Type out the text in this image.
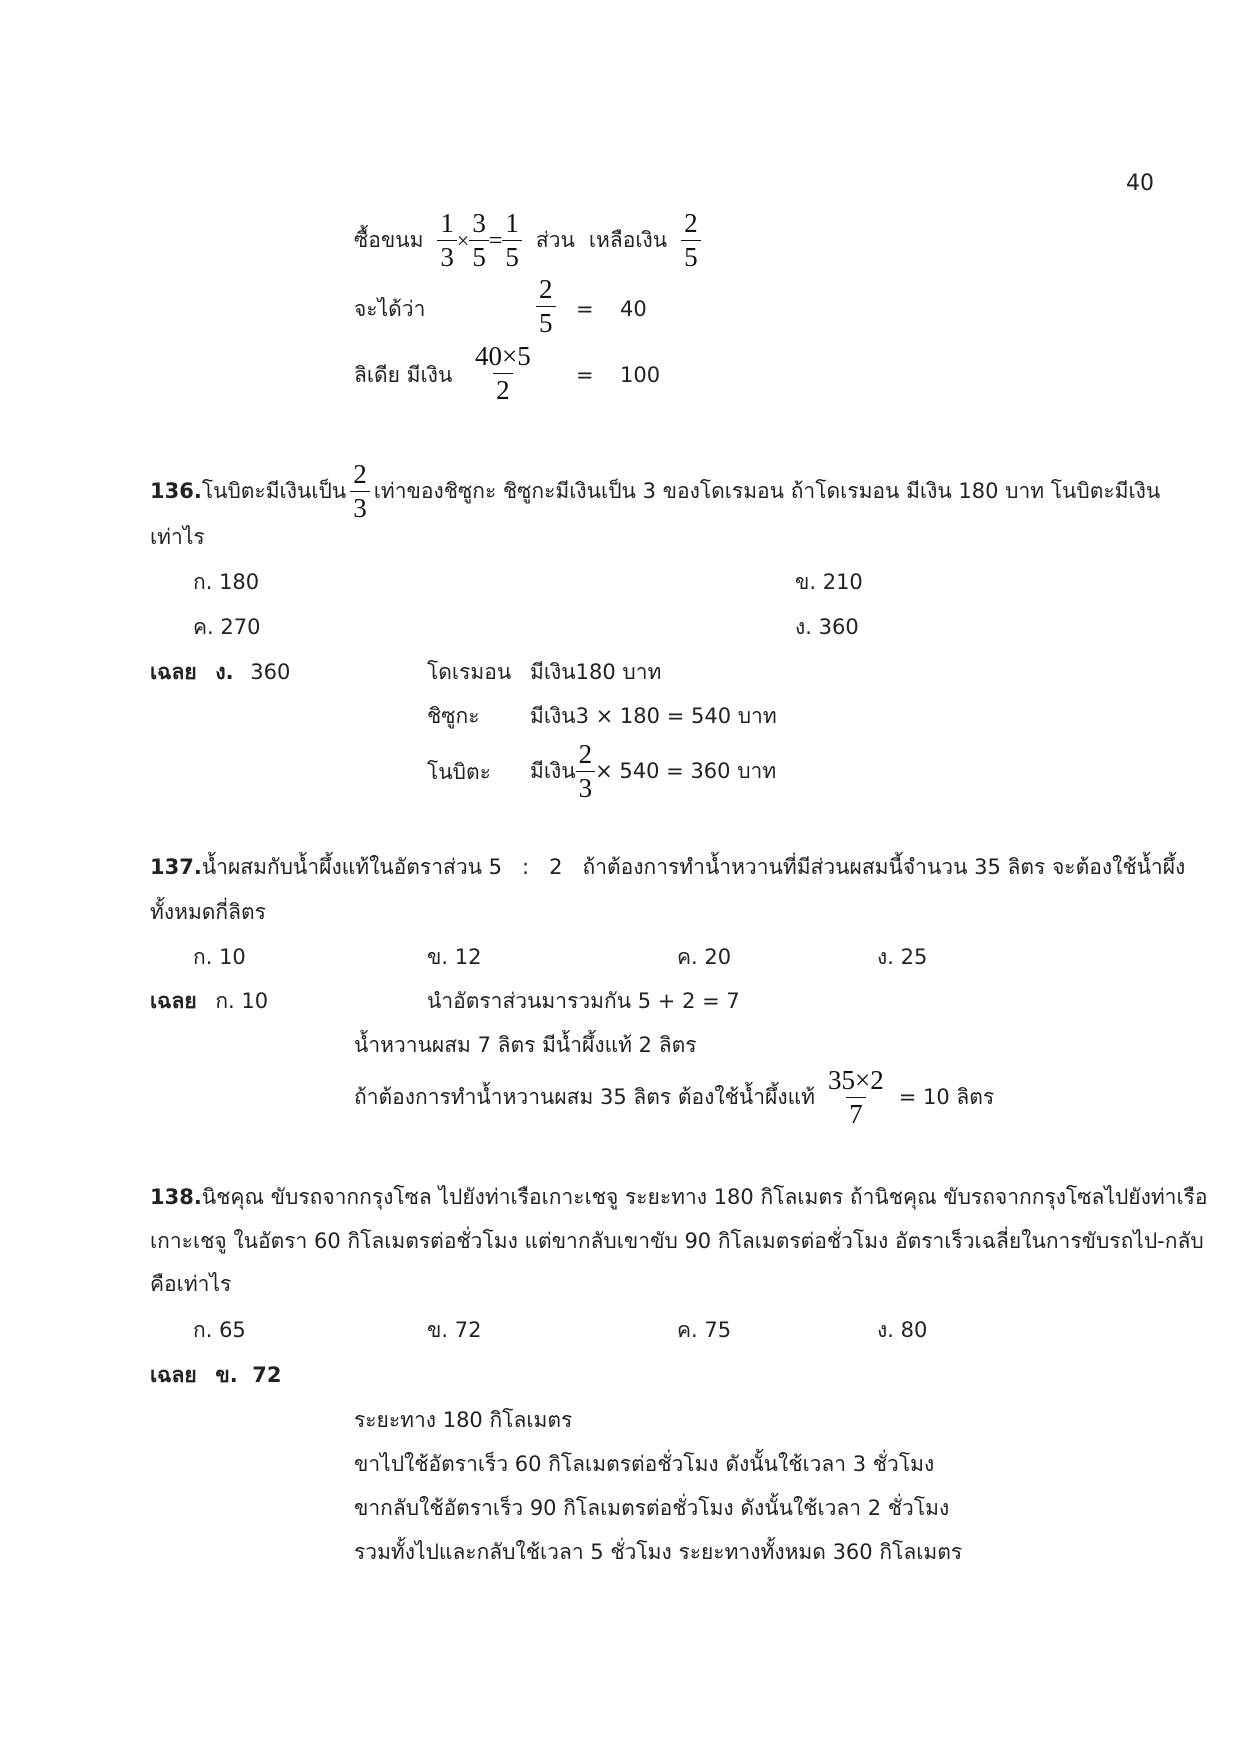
40
ซื้อขนม $\frac{1}{3} \times \frac{3}{5} = \frac{1}{5}$ ส่วน เหลือเงิน $\frac{2}{5}$
จะได้ว่า	$\frac{2}{5} = 40$
ลิเดีย มีเงิน $\frac{40\times 5}{2} = 100$
136. โนบิตะมีเงินเป็น $\frac{2}{3}$ เท่าของชิซูกะ ชิซูกะมีเงินเป็น 3 ของโดเรมอน ถ้าโดเรมอน มีเงิน 180 บาท โนบิตะมีเงิน
เท่าไร
ก. 180	ข. 210
ค. 270	ง. 360
เฉลย ง. 360	โดเรมอน มีเงิน180 บาท
ชิซูกะ มีเงิน3 × 180 = 540 บาท
โนบิตะ มีเงิน $\frac{2}{3} \times 540 = 360$ บาท
137.น้ำผสมกับน้ำผึ้งแท้ในอัตราส่วน 5   :   2   ถ้าต้องการทำน้ำหวานที่มีส่วนผสมนี้จำนวน 35 ลิตร จะต้องใช้น้ำผึ้ง
ทั้งหมดกี่ลิตร
ก. 10	ข. 12	ค. 20	ง. 25
เฉลย ก. 10	นำอัตราส่วนมารวมกัน 5 + 2 = 7
น้ำหวานผสม 7 ลิตร มีน้ำผึ้งแท้ 2 ลิตร
ถ้าต้องการทำน้ำหวานผสม 35 ลิตร ต้องใช้น้ำผึ้งแท้ $\frac{35\times 2}{7} = 10$ ลิตร
138.นิชคุณ ขับรถจากกรุงโซล ไปยังท่าเรือเกาะเชจู ระยะทาง 180 กิโลเมตร ถ้านิชคุณ ขับรถจากกรุงโซลไปยังท่าเรือ
เกาะเชจู ในอัตรา 60 กิโลเมตรต่อชั่วโมง แต่ขากลับเขาขับ 90 กิโลเมตรต่อชั่วโมง อัตราเร็วเฉลี่ยในการขับรถไป-กลับ
คือเท่าไร
ก. 65	ข. 72	ค. 75	ง. 80
เฉลย ข.  72
ระยะทาง 180 กิโลเมตร
ขาไปใช้อัตราเร็ว 60 กิโลเมตรต่อชั่วโมง ดังนั้นใช้เวลา 3 ชั่วโมง
ขากลับใช้อัตราเร็ว 90 กิโลเมตรต่อชั่วโมง ดังนั้นใช้เวลา 2 ชั่วโมง
รวมทั้งไปและกลับใช้เวลา 5 ชั่วโมง ระยะทางทั้งหมด 360 กิโลเมตร
